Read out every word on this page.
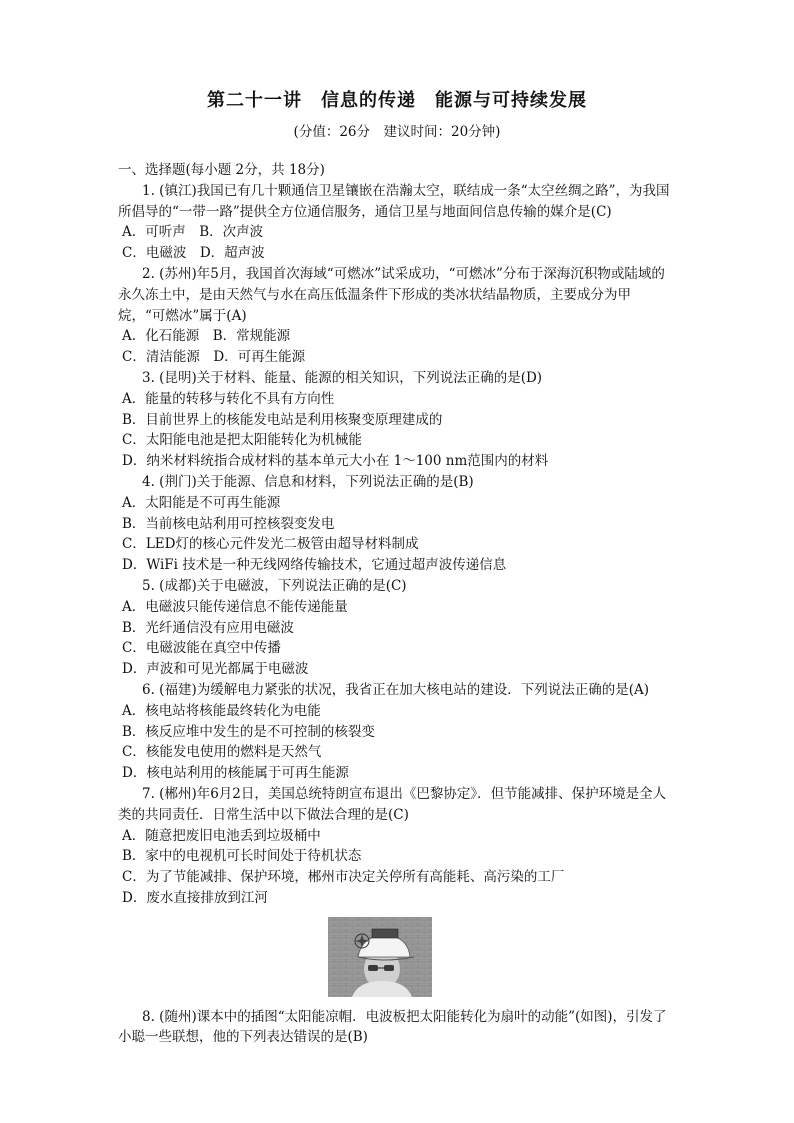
第二十一讲　信息的传递　能源与可持续发展
(分值：26分　建议时间：20分钟)
一、选择题(每小题 2分，共 18分)
1. (镇江)我国已有几十颗通信卫星镶嵌在浩瀚太空，联结成一条“太空丝绸之路”，为我国所倡导的“一带一路”提供全方位通信服务，通信卫星与地面间信息传输的媒介是(C)
A．可听声　B．次声波
C．电磁波　D．超声波
2. (苏州)年5月，我国首次海域“可燃冰”试采成功，“可燃冰”分布于深海沉积物或陆域的永久冻土中，是由天然气与水在高压低温条件下形成的类冰状结晶物质，主要成分为甲烷，“可燃冰”属于(A)
A．化石能源　B．常规能源
C．清洁能源　D．可再生能源
3. (昆明)关于材料、能量、能源的相关知识，下列说法正确的是(D)
A．能量的转移与转化不具有方向性
B．目前世界上的核能发电站是利用核聚变原理建成的
C．太阳能电池是把太阳能转化为机械能
D．纳米材料统指合成材料的基本单元大小在 1～100 nm范围内的材料
4. (荆门)关于能源、信息和材料，下列说法正确的是(B)
A．太阳能是不可再生能源
B．当前核电站利用可控核裂变发电
C．LED灯的核心元件发光二极管由超导材料制成
D．WiFi 技术是一种无线网络传输技术，它通过超声波传递信息
5. (成都)关于电磁波，下列说法正确的是(C)
A．电磁波只能传递信息不能传递能量
B．光纤通信没有应用电磁波
C．电磁波能在真空中传播
D．声波和可见光都属于电磁波
6. (福建)为缓解电力紧张的状况，我省正在加大核电站的建设．下列说法正确的是(A)
A．核电站将核能最终转化为电能
B．核反应堆中发生的是不可控制的核裂变
C．核能发电使用的燃料是天然气
D．核电站利用的核能属于可再生能源
7. (郴州)年6月2日，美国总统特朗宣布退出《巴黎协定》．但节能减排、保护环境是全人类的共同责任．日常生活中以下做法合理的是(C)
A．随意把废旧电池丢到垃圾桶中
B．家中的电视机可长时间处于待机状态
C．为了节能减排、保护环境，郴州市决定关停所有高能耗、高污染的工厂
D．废水直接排放到江河
8. (随州)课本中的插图“太阳能凉帽．电波板把太阳能转化为扇叶的动能”(如图)，引发了小聪一些联想，他的下列表达错误的是(B)
